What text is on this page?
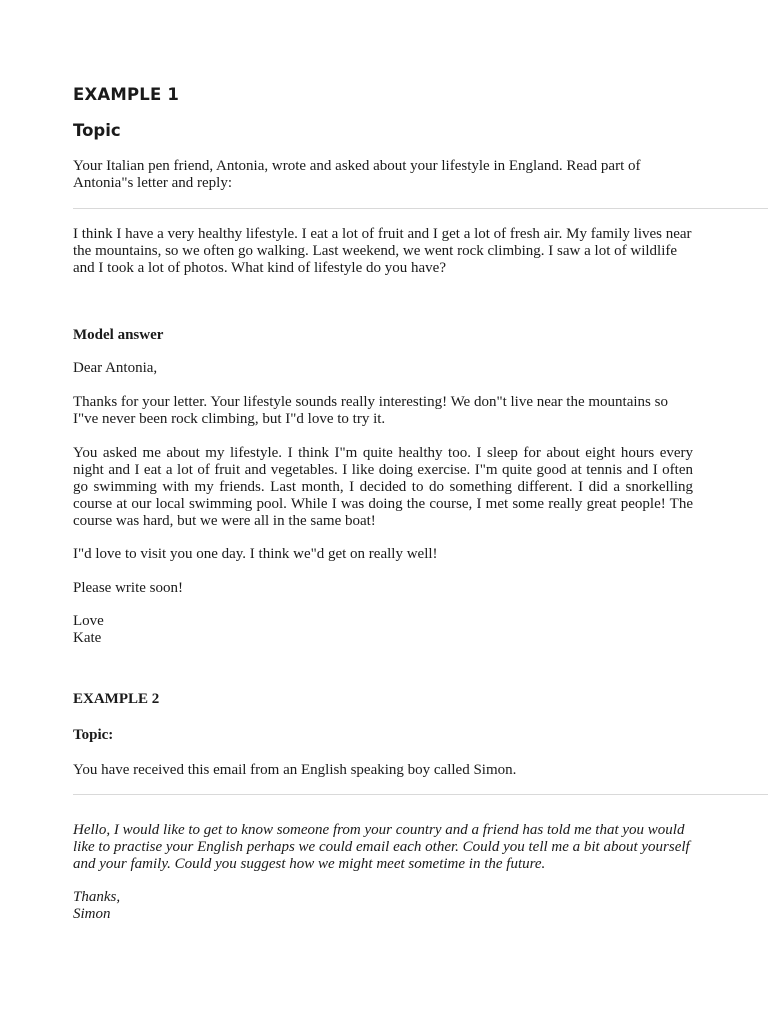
EXAMPLE 1
Topic

Your Italian pen friend, Antonia, wrote and asked about your lifestyle in England. Read part of Antonia"s letter and reply:

I think I have a very healthy lifestyle. I eat a lot of fruit and I get a lot of fresh air. My family lives near the mountains, so we often go walking. Last weekend, we went rock climbing. I saw a lot of wildlife and I took a lot of photos. What kind of lifestyle do you have?

Model answer

Dear Antonia,

Thanks for your letter. Your lifestyle sounds really interesting! We don"t live near the mountains so I"ve never been rock climbing, but I"d love to try it.

You asked me about my lifestyle. I think I"m quite healthy too. I sleep for about eight hours every night and I eat a lot of fruit and vegetables. I like doing exercise. I"m quite good at tennis and I often go swimming with my friends. Last month, I decided to do something different. I did a snorkelling course at our local swimming pool. While I was doing the course, I met some really great people! The course was hard, but we were all in the same boat!

I"d love to visit you one day. I think we"d get on really well!

Please write soon!

Love
Kate

EXAMPLE 2

Topic:

You have received this email from an English speaking boy called Simon.

Hello, I would like to get to know someone from your country and a friend has told me that you would like to practise your English perhaps we could email each other. Could you tell me a bit about yourself and your family. Could you suggest how we might meet sometime in the future.

Thanks,
Simon
